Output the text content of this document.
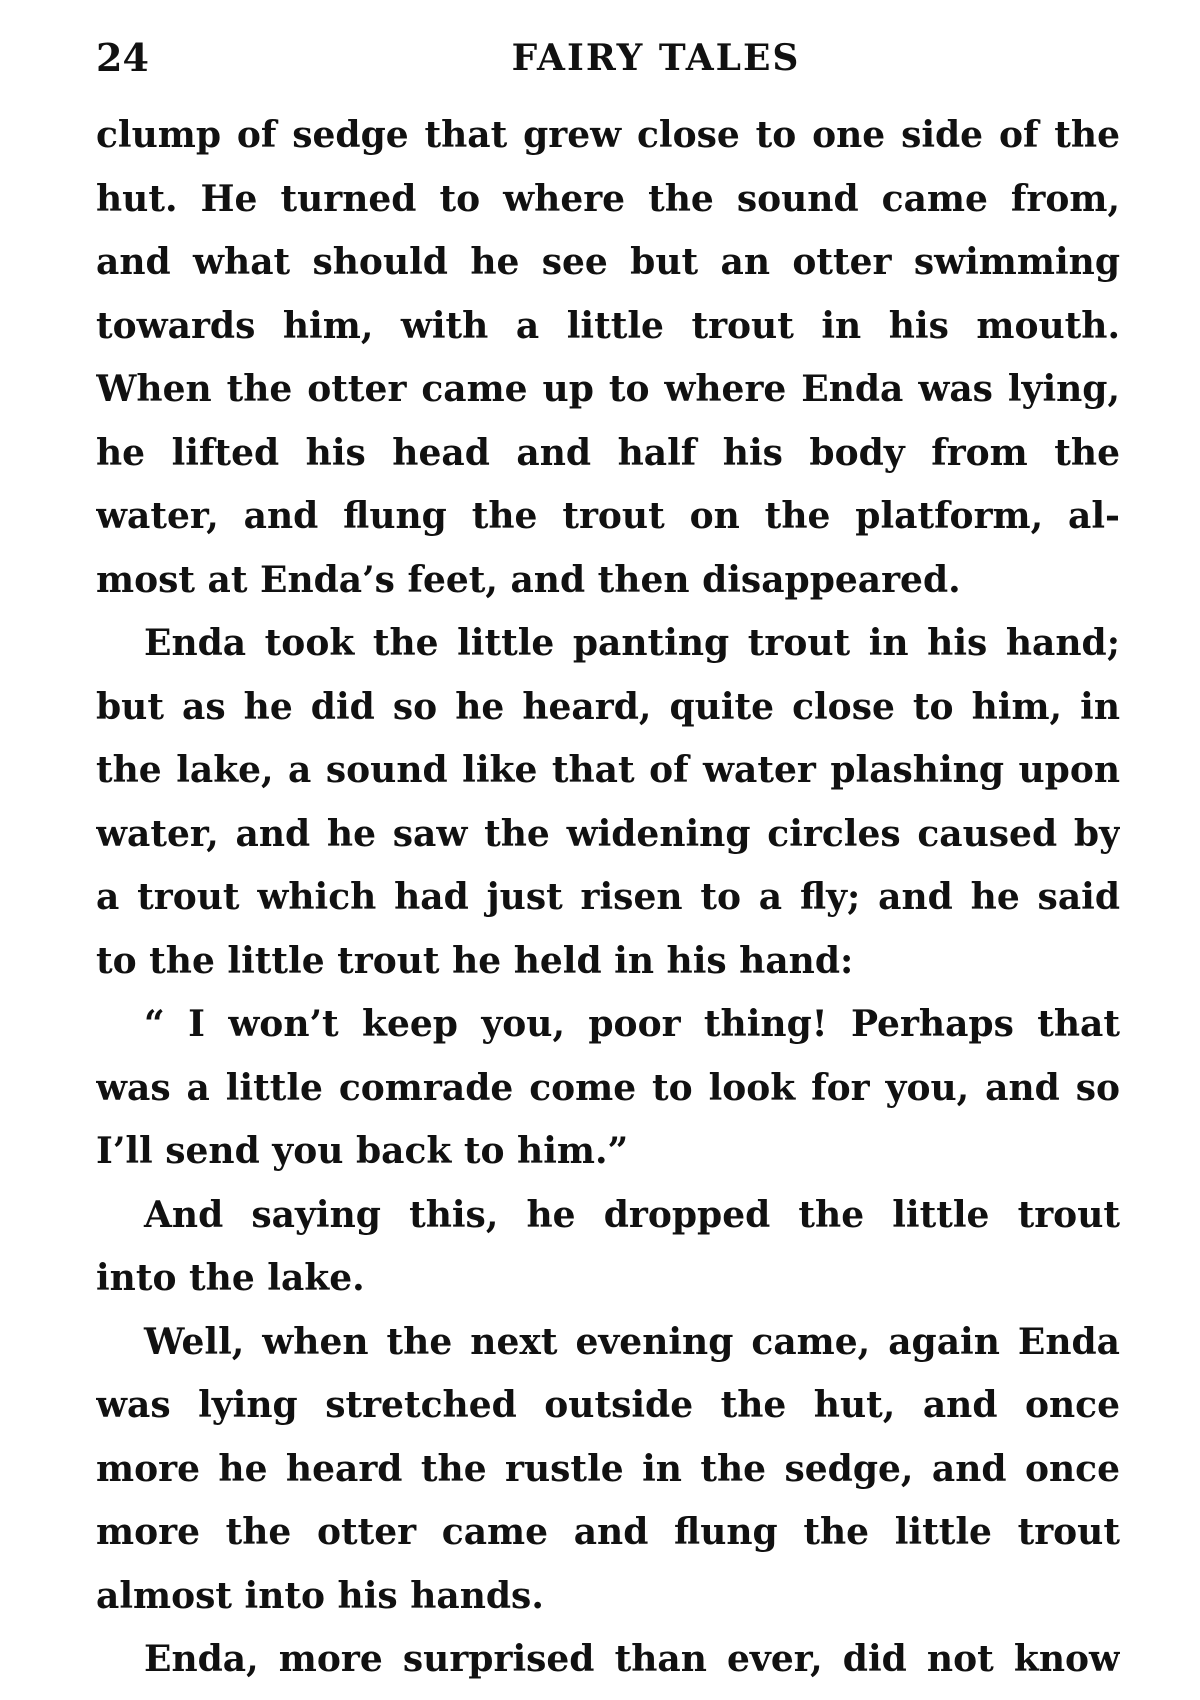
24	FAIRY TALES
clump of sedge that grew close to one side of the
hut. He turned to where the sound came from,
and what should he see but an otter swimming
towards him, with a little trout in his mouth.
When the otter came up to where Enda was lying,
he lifted his head and half his body from the
water, and flung the trout on the platform, al-
most at Enda’s feet, and then disappeared.
Enda took the little panting trout in his hand;
but as he did so he heard, quite close to him, in
the lake, a sound like that of water plashing upon
water, and he saw the widening circles caused by
a trout which had just risen to a fly; and he said
to the little trout he held in his hand:
“ I won’t keep you, poor thing! Perhaps that
was a little comrade come to look for you, and so
I’ll send you back to him.”
And saying this, he dropped the little trout
into the lake.
Well, when the next evening came, again Enda
was lying stretched outside the hut, and once
more he heard the rustle in the sedge, and once
more the otter came and flung the little trout
almost into his hands.
Enda, more surprised than ever, did not know
